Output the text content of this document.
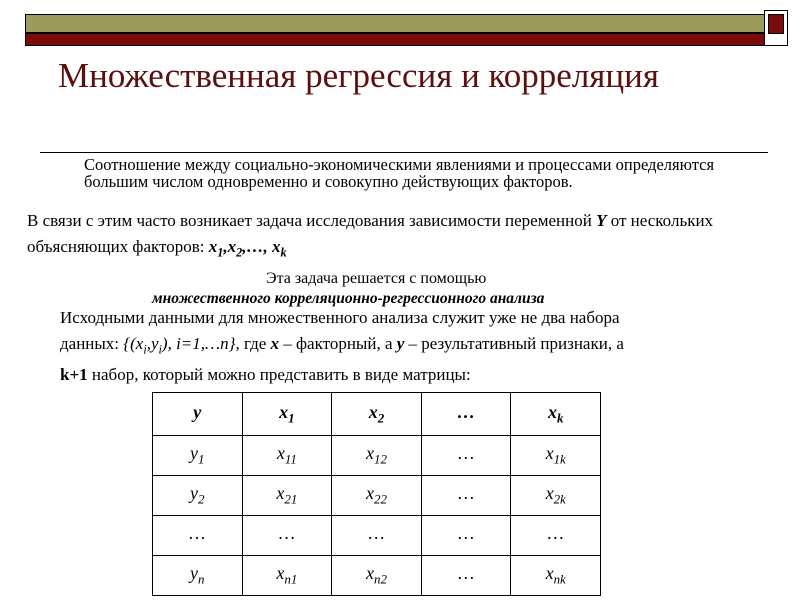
Множественная регрессия и корреляция
Соотношение между социально-экономическими явлениями и процессами определяются большим числом одновременно и совокупно действующих факторов.
В связи с этим часто возникает задача исследования зависимости переменной Y от нескольких объясняющих факторов: $x_1,x_2,\dots$, $x_k$
Эта задача решается с помощью
множественного корреляционно-регрессионного анализа
Исходными данными для множественного анализа служит уже не два набора
данных: {$(x_i,y_i)$, i=1,…n}, где x – факторный, а y – результативный признаки, а
k+1 набор, который можно представить в виде матрицы:
y	$x_1$	$x_2$	…	$x_k$
$y_1$	$x_{11}$	$x_{12}$	…	$x_{1k}$
$y_2$	$x_{21}$	$x_{22}$	…	$x_{2k}$
…	…	…	…	…
$y_n$	$x_{n1}$	$x_{n2}$	…	$x_{nk}$
